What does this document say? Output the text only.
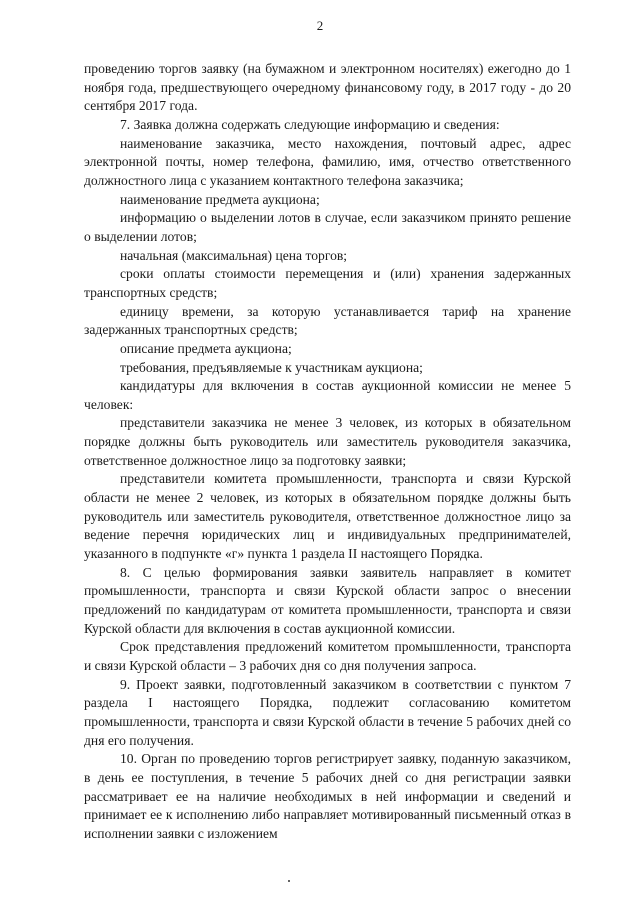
2

проведению торгов заявку (на бумажном и электронном носителях) ежегодно до 1 ноября года, предшествующего очередному финансовому году, в 2017 году - до 20 сентября 2017 года.

7. Заявка должна содержать следующие информацию и сведения:

наименование заказчика, место нахождения, почтовый адрес, адрес электронной почты, номер телефона, фамилию, имя, отчество ответственного должностного лица с указанием контактного телефона заказчика;

наименование предмета аукциона;

информацию о выделении лотов в случае, если заказчиком принято решение о выделении лотов;

начальная (максимальная) цена торгов;

сроки оплаты стоимости перемещения и (или) хранения задержанных транспортных средств;

единицу времени, за которую устанавливается тариф на хранение задержанных транспортных средств;

описание предмета аукциона;

требования, предъявляемые к участникам аукциона;

кандидатуры для включения в состав аукционной комиссии не менее 5 человек:

представители заказчика не менее 3 человек, из которых в обязательном порядке должны быть руководитель или заместитель руководителя заказчика, ответственное должностное лицо за подготовку заявки;

представители комитета промышленности, транспорта и связи Курской области не менее 2 человек, из которых в обязательном порядке должны быть руководитель или заместитель руководителя, ответственное должностное лицо за ведение перечня юридических лиц и индивидуальных предпринимателей, указанного в подпункте «г» пункта 1 раздела II настоящего Порядка.

8. С целью формирования заявки заявитель направляет в комитет промышленности, транспорта и связи Курской области запрос о внесении предложений по кандидатурам от комитета промышленности, транспорта и связи Курской области для включения в состав аукционной комиссии.

Срок представления предложений комитетом промышленности, транспорта и связи Курской области – 3 рабочих дня со дня получения запроса.

9. Проект заявки, подготовленный заказчиком в соответствии с пунктом 7 раздела I настоящего Порядка, подлежит согласованию комитетом промышленности, транспорта и связи Курской области в течение 5 рабочих дней со дня его получения.

10. Орган по проведению торгов регистрирует заявку, поданную заказчиком, в день ее поступления, в течение 5 рабочих дней со дня регистрации заявки рассматривает ее на наличие необходимых в ней информации и сведений и принимает ее к исполнению либо направляет мотивированный письменный отказ в исполнении заявки с изложением
